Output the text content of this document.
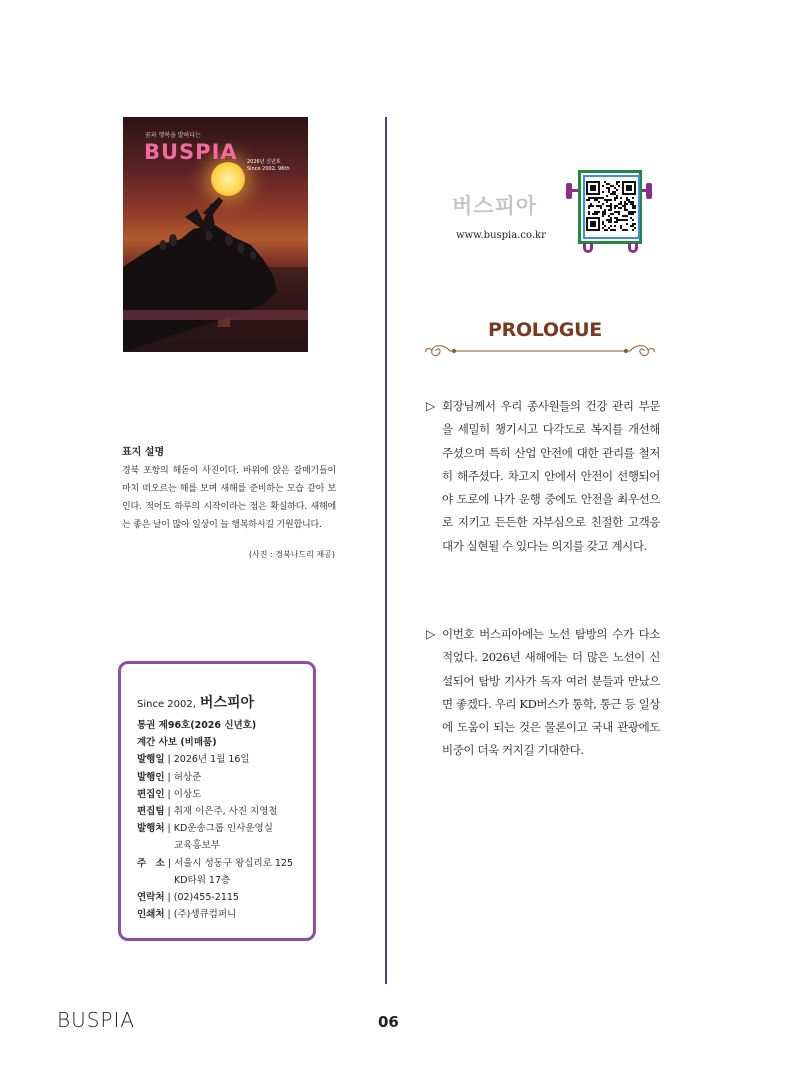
꿈과 행복을 발하다는
BUSPIA 2026년 신년호
Since 2002. 96th
표지 설명
경북 포항의 해돋이 사진이다. 바위에 앉은 갈매기들이 마치 떠오르는 해를 보며 새해를 준비하는 모습 같아 보인다. 적어도 하루의 시작이라는 점은 확실하다. 새해에는 좋은 날이 많아 일상이 늘 행복하시길 기원합니다.
(사진 : 경북나드리 제공)
Since 2002, 버스피아
통권 제96호(2026 신년호)
계간 사보 (비매품)
발행일 | 2026년 1월 16일
발행인 | 허상준
편집인 | 이상도
편집팀 | 취재 이은주, 사진 지영철
발행처 | KD운송그룹 인사운영실
교육홍보부
주　소 | 서울시 성동구 왕십리로 125
KD타워 17층
연락처 | (02)455-2115
인쇄처 | (주)생큐컴퍼니
버스피아
www.buspia.co.kr
PROLOGUE
▷ 회장님께서 우리 종사원들의 건강 관리 부문을 세밀히 챙기시고 다각도로 복지를 개선해 주셨으며 특히 산업 안전에 대한 관리를 철저히 해주셨다. 차고지 안에서 안전이 선행되어야 도로에 나가 운행 중에도 안전을 최우선으로 지키고 든든한 자부심으로 친절한 고객응대가 실현될 수 있다는 의지를 갖고 계시다.
▷ 이번호 버스피아에는 노선 탐방의 수가 다소 적었다. 2026년 새해에는 더 많은 노선이 신설되어 탐방 기사가 독자 여러 분들과 만났으면 좋겠다. 우리 KD버스가 통학, 통근 등 일상에 도움이 되는 것은 물론이고 국내 관광에도 비중이 더욱 커지길 기대한다.
BUSPIA	06
